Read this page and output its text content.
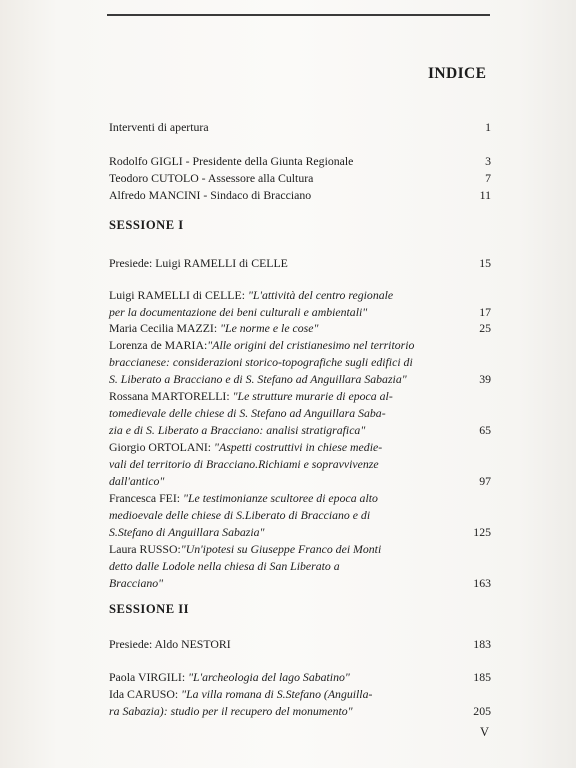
INDICE
SESSIONE I
SESSIONE II
Interventi di apertura	1
Rodolfo GIGLI - Presidente della Giunta Regionale	3
Teodoro CUTOLO - Assessore alla Cultura	7
Alfredo MANCINI - Sindaco di Bracciano	11
Presiede: Luigi RAMELLI di CELLE	15
Luigi RAMELLI di CELLE: "L'attività del centro regionale
per la documentazione dei beni culturali e ambientali"	17
Maria Cecilia MAZZI: "Le norme e le cose"	25
Lorenza de MARIA:"Alle origini del cristianesimo nel territorio
braccianese: considerazioni storico-topografiche sugli edifici di
S. Liberato a Bracciano e di S. Stefano ad Anguillara Sabazia"	39
Rossana MARTORELLI: "Le strutture murarie di epoca al-
tomedievale delle chiese di S. Stefano ad Anguillara Saba-
zia e di S. Liberato a Bracciano: analisi stratigrafica"	65
Giorgio ORTOLANI: "Aspetti costruttivi in chiese medie-
vali del territorio di Bracciano.Richiami e sopravvivenze
dall'antico"	97
Francesca FEI: "Le testimonianze scultoree di epoca alto
medioevale delle chiese di S.Liberato di Bracciano e di
S.Stefano di Anguillara Sabazia"	125
Laura RUSSO:"Un'ipotesi su Giuseppe Franco dei Monti
detto dalle Lodole nella chiesa di San Liberato a
Bracciano"	163
Presiede: Aldo NESTORI	183
Paola VIRGILI: "L'archeologia del lago Sabatino"	185
Ida CARUSO: "La villa romana di S.Stefano (Anguilla-
ra Sabazia): studio per il recupero del monumento"	205
V
